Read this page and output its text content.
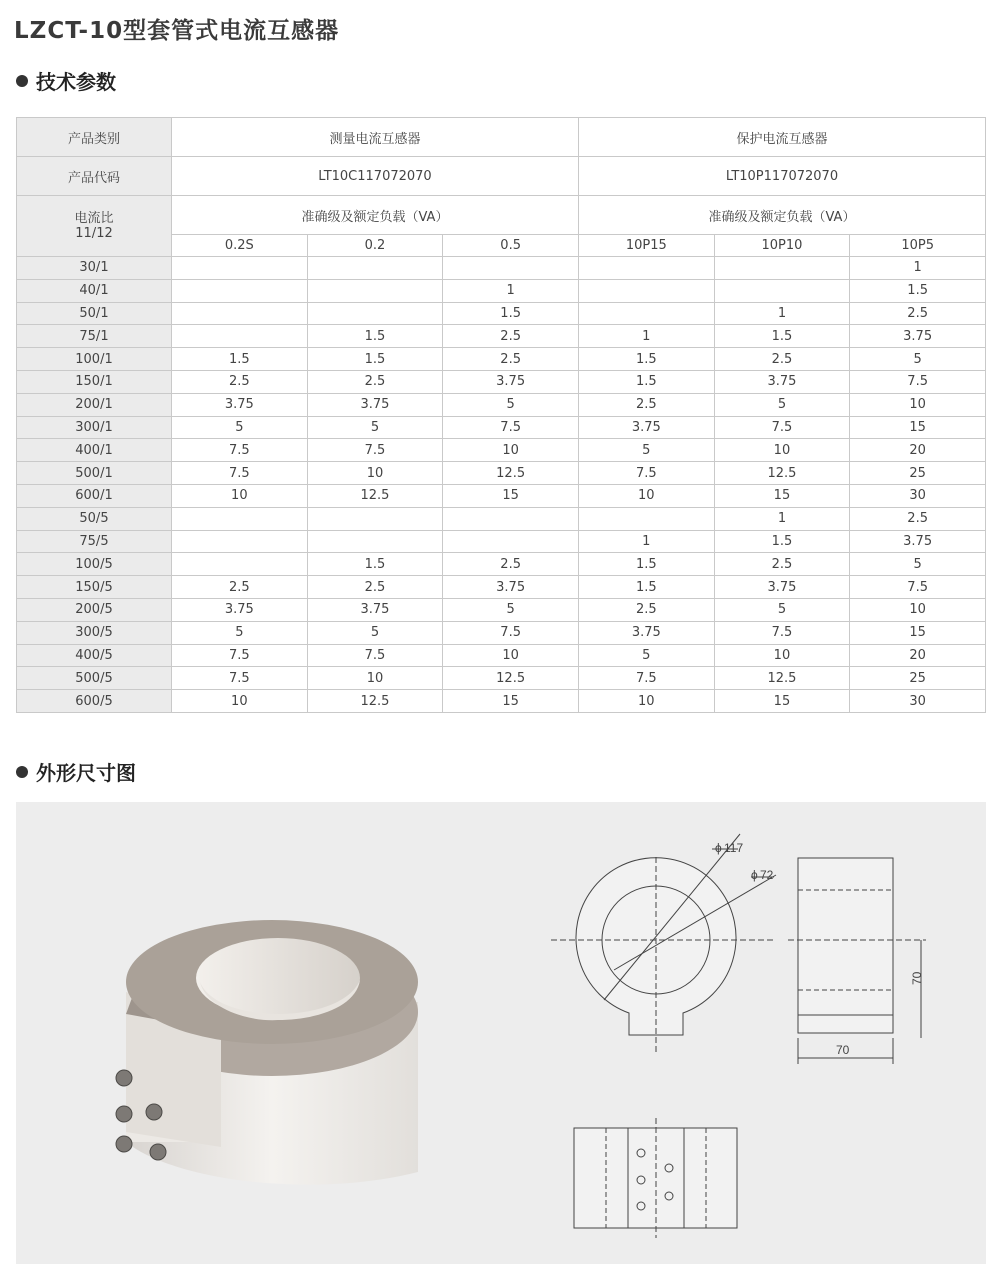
LZCT-10型套管式电流互感器
技术参数
产品类别	测量电流互感器			保护电流互感器		
产品代码	LT10C117072070			LT10P117072070		

电流比
11/12	准确级及额定负载（VA）			准确级及额定负载（VA）		
	0.2S	0.2	0.5	10P15	10P10	10P5
30/1						1
40/1			1			1.5
50/1			1.5		1	2.5
75/1		1.5	2.5	1	1.5	3.75
100/1	1.5	1.5	2.5	1.5	2.5	5
150/1	2.5	2.5	3.75	1.5	3.75	7.5
200/1	3.75	3.75	5	2.5	5	10
300/1	5	5	7.5	3.75	7.5	15
400/1	7.5	7.5	10	5	10	20
500/1	7.5	10	12.5	7.5	12.5	25
600/1	10	12.5	15	10	15	30
50/5					1	2.5
75/5				1	1.5	3.75
100/5		1.5	2.5	1.5	2.5	5
150/5	2.5	2.5	3.75	1.5	3.75	7.5
200/5	3.75	3.75	5	2.5	5	10
300/5	5	5	7.5	3.75	7.5	15
400/5	7.5	7.5	10	5	10	20
500/5	7.5	10	12.5	7.5	12.5	25
600/5	10	12.5	15	10	15	30
外形尺寸图
ϕ 117
ϕ 72
70
70
